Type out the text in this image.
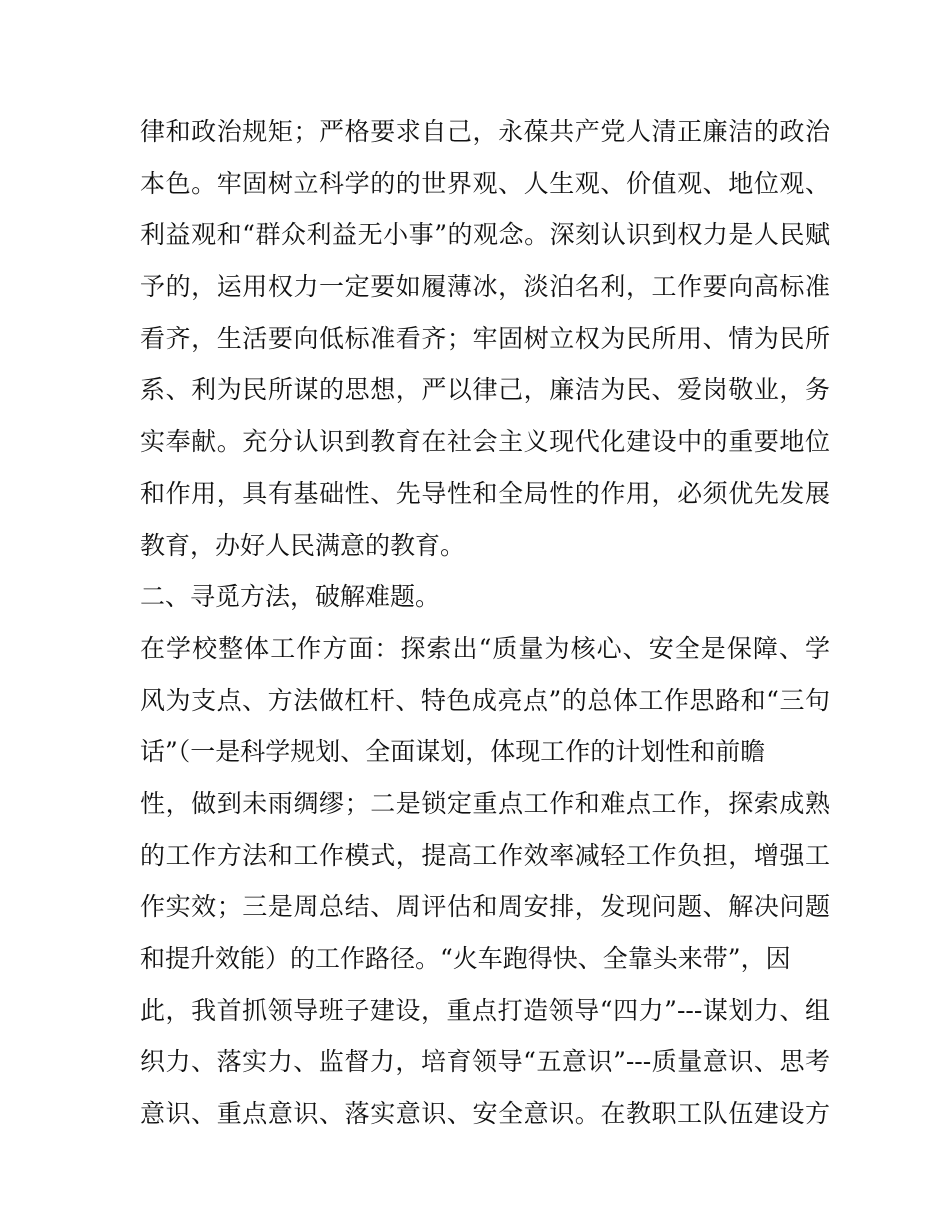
律和政治规矩；严格要求自己，永葆共产党人清正廉洁的政治
本色。牢固树立科学的的世界观、人生观、价值观、地位观、
利益观和“群众利益无小事”的观念。深刻认识到权力是人民赋
予的，运用权力一定要如履薄冰，淡泊名利，工作要向高标准
看齐，生活要向低标准看齐；牢固树立权为民所用、情为民所
系、利为民所谋的思想，严以律己，廉洁为民、爱岗敬业，务
实奉献。充分认识到教育在社会主义现代化建设中的重要地位
和作用，具有基础性、先导性和全局性的作用，必须优先发展
教育，办好人民满意的教育。
二、寻觅方法，破解难题。
在学校整体工作方面：探索出“质量为核心、安全是保障、学
风为支点、方法做杠杆、特色成亮点”的总体工作思路和“三句
话”（一是科学规划、全面谋划，体现工作的计划性和前瞻
性，做到未雨绸缪；二是锁定重点工作和难点工作，探索成熟
的工作方法和工作模式，提高工作效率减轻工作负担，增强工
作实效；三是周总结、周评估和周安排，发现问题、解决问题
和提升效能）的工作路径。“火车跑得快、全靠头来带”，因
此，我首抓领导班子建设，重点打造领导“四力”---谋划力、组
织力、落实力、监督力，培育领导“五意识”---质量意识、思考
意识、重点意识、落实意识、安全意识。在教职工队伍建设方
